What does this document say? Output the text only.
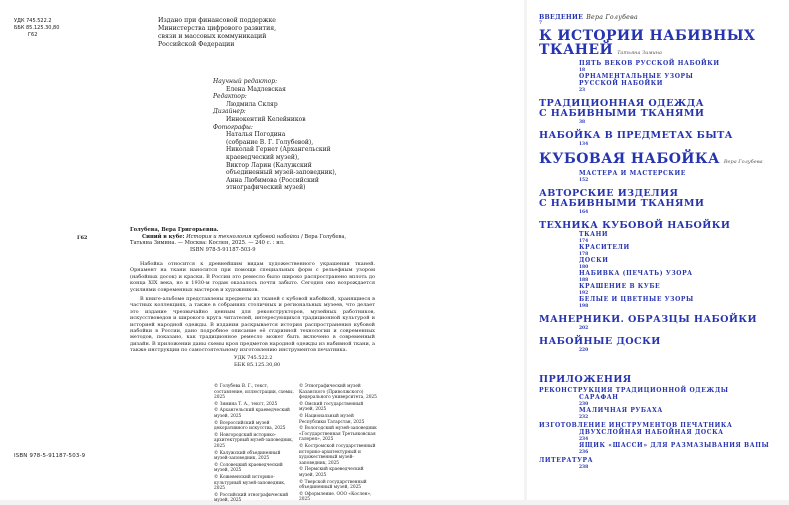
УДК 745.522.2
ББК 85.125.30,80
Г62
Издано при финансовой поддержке
Министерства цифрового развития,
связи и массовых коммуникаций
Российской Федерации
Научный редактор:
Елена Мадлевская
Редактор:
Людмила Скляр
Дизайнер:
Иннокентий Келейников
Фотографы:
Наталья Погодина
(собрание В. Г. Голубевой),
Николай Гернет (Архангельский
краеведческий музей),
Виктор Ларин (Калужский
объединенный музей-заповедник),
Анна Любимова (Российский
этнографический музей)
Г62
Голубева, Вера Григорьевна.
Синий в кубе: История и технология кубовой набойки / Вера Голубева,
Татьяна Зимина. — Москва: Кослен, 2025. — 240 с. : ил.
ISBN 978-5-91187-503-9

Набойка относится к древнейшим видам художественного украшения тканей. Орнамент на ткани наносится при помощи специальных форм с рельефным узором (набойных досок) и краски. В России это ремесло было широко распространено вплоть до конца XIX века, но к 1930-м годам оказалось почти забыто. Сегодня оно возрождается усилиями современных мастеров и художников.

В книге-альбоме представлены предметы из тканей с кубовой набойкой, хранящиеся в частных коллекциях, а также в собраниях столичных и региональных музеев, что делает это издание чрезвычайно ценным для реконструкторов, музейных работников, искусствоведов и широкого круга читателей, интересующихся традиционной культурой и историей народной одежды. В издании раскрывается история распространения кубовой набойки в России, дано подробное описание её старинной технологии и современных методов, показано, как традиционное ремесло может быть включено в современный дизайн. В приложении даны схемы кроя предметов народной одежды из набивной ткани, а также инструкции по самостоятельному изготовлению инструментов печатника.

УДК 745.522.2
ББК 85.125.30,80
ISBN 978-5-91187-503-9
© Голубева В. Г., текст, составление, иллюстрации, схемы, 2025
© Зимина Т. А., текст, 2025
© Архангельский краеведческий музей, 2025
© Всероссийский музей декоративного искусства, 2025
© Новгородский историко-архитектурный музей-заповедник, 2025
© Калужский объединенный музей-заповедник, 2025
© Соловецкий краеведческий музей, 2025
© Кожевенский историко-культурный музей-заповедник, 2025
© Российский этнографический музей, 2025
© Этнографический музей Казанского (Приволжского) федерального университета, 2025
© Омский государственный музей, 2025
© Национальный музей Республики Татарстан, 2025
© Вологодский музей-заповедник «Государственная Третьяковская галерея», 2025
© Костромской государственный историко-архитектурный и художественный музей-заповедник, 2025
© Пермский краеведческий музей, 2025
© Тверской государственный объединенный музей, 2025
© Оформление. ООО «Кослен», 2025
ВВЕДЕНИЕ Вера Голубева
7
К ИСТОРИИ НАБИВНЫХ
ТКАНЕЙ Татьяна Зимина
ПЯТЬ ВЕКОВ РУССКОЙ НАБОЙКИ
18
ОРНАМЕНТАЛЬНЫЕ УЗОРЫ
РУССКОЙ НАБОЙКИ
23
ТРАДИЦИОННАЯ ОДЕЖДА
С НАБИВНЫМИ ТКАНЯМИ
38
НАБОЙКА В ПРЕДМЕТАХ БЫТА
134
КУБОВАЯ НАБОЙКА Вера Голубева
МАСТЕРА И МАСТЕРСКИЕ
152
АВТОРСКИЕ ИЗДЕЛИЯ
С НАБИВНЫМИ ТКАНЯМИ
164
ТЕХНИКА КУБОВОЙ НАБОЙКИ
ТКАНИ
174
КРАСИТЕЛИ
178
ДОСКИ
180
НАБИВКА (ПЕЧАТЬ) УЗОРА
188
КРАШЕНИЕ В КУБЕ
192
БЕЛЫЕ И ЦВЕТНЫЕ УЗОРЫ
198
МАНЕРНИКИ. ОБРАЗЦЫ НАБОЙКИ
202
НАБОЙНЫЕ ДОСКИ
220
ПРИЛОЖЕНИЯ
РЕКОНСТРУКЦИЯ ТРАДИЦИОННОЙ ОДЕЖДЫ
САРАФАН
230
МАЛИЧНАЯ РУБАХА
232
ИЗГОТОВЛЕНИЕ ИНСТРУМЕНТОВ ПЕЧАТНИКА
ДВУХСЛОЙНАЯ НАБОЙНАЯ ДОСКА
234
ЯЩИК «ШАССИ» ДЛЯ РАЗМАЗЫВАНИЯ ВАПЫ
236
ЛИТЕРАТУРА
238
